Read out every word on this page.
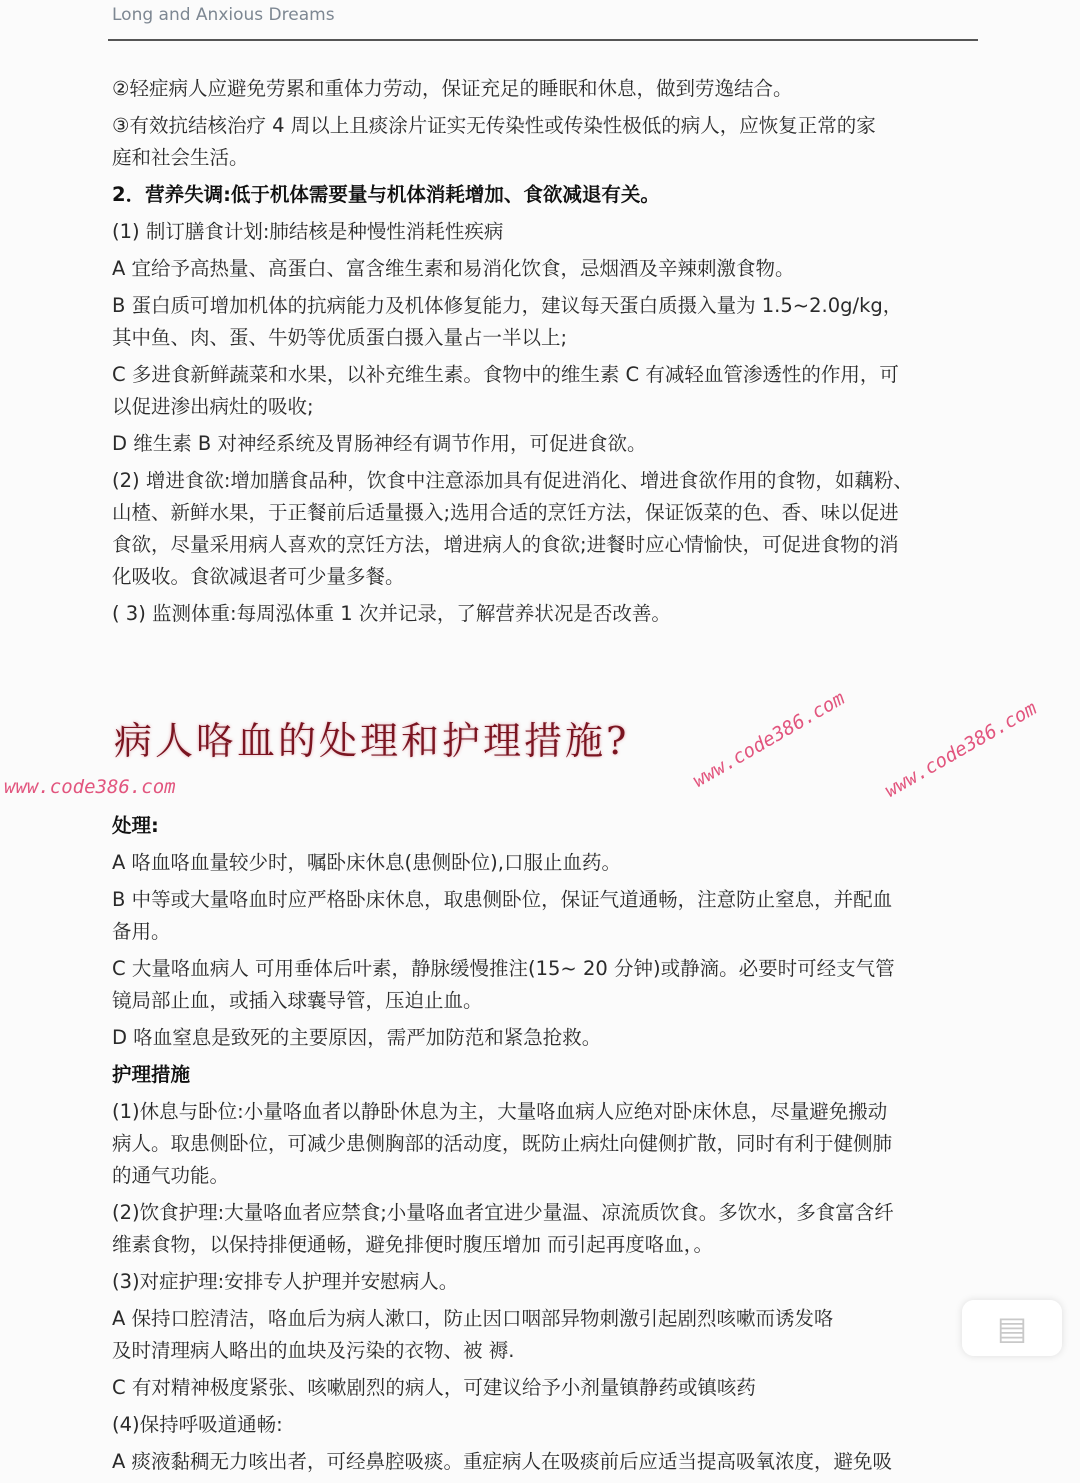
Long and Anxious Dreams
②轻症病人应避免劳累和重体力劳动，保证充足的睡眠和休息，做到劳逸结合。
③有效抗结核治疗 4 周以上且痰涂片证实无传染性或传染性极低的病人，应恢复正常的家
庭和社会生活。
2．营养失调:低于机体需要量与机体消耗增加、食欲减退有关。
(1) 制订膳食计划:肺结核是种慢性消耗性疾病
A 宜给予高热量、高蛋白、富含维生素和易消化饮食，忌烟酒及辛辣刺激食物。
B 蛋白质可增加机体的抗病能力及机体修复能力，建议每天蛋白质摄入量为 1.5~2.0g/kg，
其中鱼、肉、蛋、牛奶等优质蛋白摄入量占一半以上;
C 多进食新鲜蔬菜和水果，以补充维生素。食物中的维生素 C 有减轻血管渗透性的作用，可
以促进渗出病灶的吸收;
D 维生素 B 对神经系统及胃肠神经有调节作用，可促进食欲。
(2) 增进食欲:增加膳食品种，饮食中注意添加具有促进消化、增进食欲作用的食物，如藕粉、
山楂、新鲜水果，于正餐前后适量摄入;选用合适的烹饪方法，保证饭菜的色、香、味以促进
食欲，尽量采用病人喜欢的烹饪方法，增进病人的食欲;进餐时应心情愉快，可促进食物的消
化吸收。食欲减退者可少量多餐。
( 3) 监测体重:每周泓体重 1 次并记录，了解营养状况是否改善。
病人咯血的处理和护理措施?
处理:
A 咯血咯血量较少时，嘱卧床休息(患侧卧位),口服止血药。
B 中等或大量咯血时应严格卧床休息，取患侧卧位，保证气道通畅，注意防止窒息，并配血
备用。
C 大量咯血病人 可用垂体后叶素，静脉缓慢推注(15~ 20 分钟)或静滴。必要时可经支气管
镜局部止血，或插入球囊导管，压迫止血。
D 咯血窒息是致死的主要原因，需严加防范和紧急抢救。
护理措施
(1)休息与卧位:小量咯血者以静卧休息为主，大量咯血病人应绝对卧床休息，尽量避免搬动
病人。取患侧卧位，可减少患侧胸部的活动度，既防止病灶向健侧扩散，同时有利于健侧肺
的通气功能。
(2)饮食护理:大量咯血者应禁食;小量咯血者宜进少量温、凉流质饮食。多饮水，多食富含纤
维素食物，以保持排便通畅，避免排便时腹压增加 而引起再度咯血，。
(3)对症护理:安排专人护理并安慰病人。
A 保持口腔清洁，咯血后为病人漱口，防止因口咽部异物刺激引起剧烈咳嗽而诱发咯
及时清理病人略出的血块及污染的衣物、被 褥.
C 有对精神极度紧张、咳嗽剧烈的病人，可建议给予小剂量镇静药或镇咳药
(4)保持呼吸道通畅:
A 痰液黏稠无力咳出者，可经鼻腔吸痰。重症病人在吸痰前后应适当提高吸氧浓度，避免吸
www.code386.com	www.code386.com www.code386.com
▤
